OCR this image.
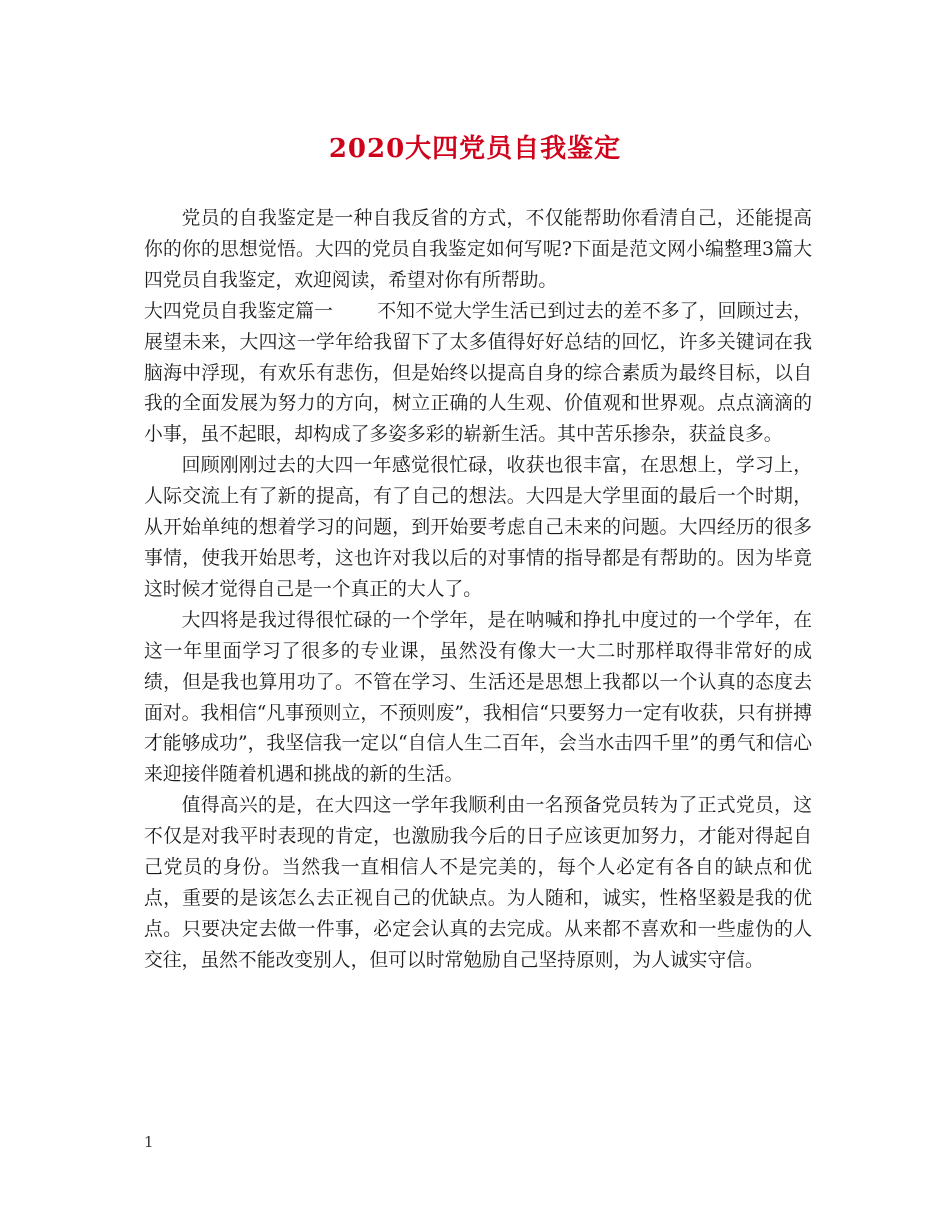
2020大四党员自我鉴定

党员的自我鉴定是一种自我反省的方式，不仅能帮助你看清自己，还能提高你的你的思想觉悟。大四的党员自我鉴定如何写呢?下面是范文网小编整理3篇大四党员自我鉴定，欢迎阅读，希望对你有所帮助。

大四党员自我鉴定篇一 不知不觉大学生活已到过去的差不多了，回顾过去，展望未来，大四这一学年给我留下了太多值得好好总结的回忆，许多关键词在我脑海中浮现，有欢乐有悲伤，但是始终以提高自身的综合素质为最终目标，以自我的全面发展为努力的方向，树立正确的人生观、价值观和世界观。点点滴滴的小事，虽不起眼，却构成了多姿多彩的崭新生活。其中苦乐掺杂，获益良多。

回顾刚刚过去的大四一年感觉很忙碌，收获也很丰富，在思想上，学习上，人际交流上有了新的提高，有了自己的想法。大四是大学里面的最后一个时期，从开始单纯的想着学习的问题，到开始要考虑自己未来的问题。大四经历的很多事情，使我开始思考，这也许对我以后的对事情的指导都是有帮助的。因为毕竟这时候才觉得自己是一个真正的大人了。

大四将是我过得很忙碌的一个学年，是在呐喊和挣扎中度过的一个学年，在这一年里面学习了很多的专业课，虽然没有像大一大二时那样取得非常好的成绩，但是我也算用功了。不管在学习、生活还是思想上我都以一个认真的态度去面对。我相信“凡事预则立，不预则废”，我相信“只要努力一定有收获，只有拼搏才能够成功”，我坚信我一定以“自信人生二百年，会当水击四千里”的勇气和信心来迎接伴随着机遇和挑战的新的生活。

值得高兴的是，在大四这一学年我顺利由一名预备党员转为了正式党员，这不仅是对我平时表现的肯定，也激励我今后的日子应该更加努力，才能对得起自己党员的身份。当然我一直相信人不是完美的，每个人必定有各自的缺点和优点，重要的是该怎么去正视自己的优缺点。为人随和，诚实，性格坚毅是我的优点。只要决定去做一件事，必定会认真的去完成。从来都不喜欢和一些虚伪的人交往，虽然不能改变别人，但可以时常勉励自己坚持原则，为人诚实守信。

1
